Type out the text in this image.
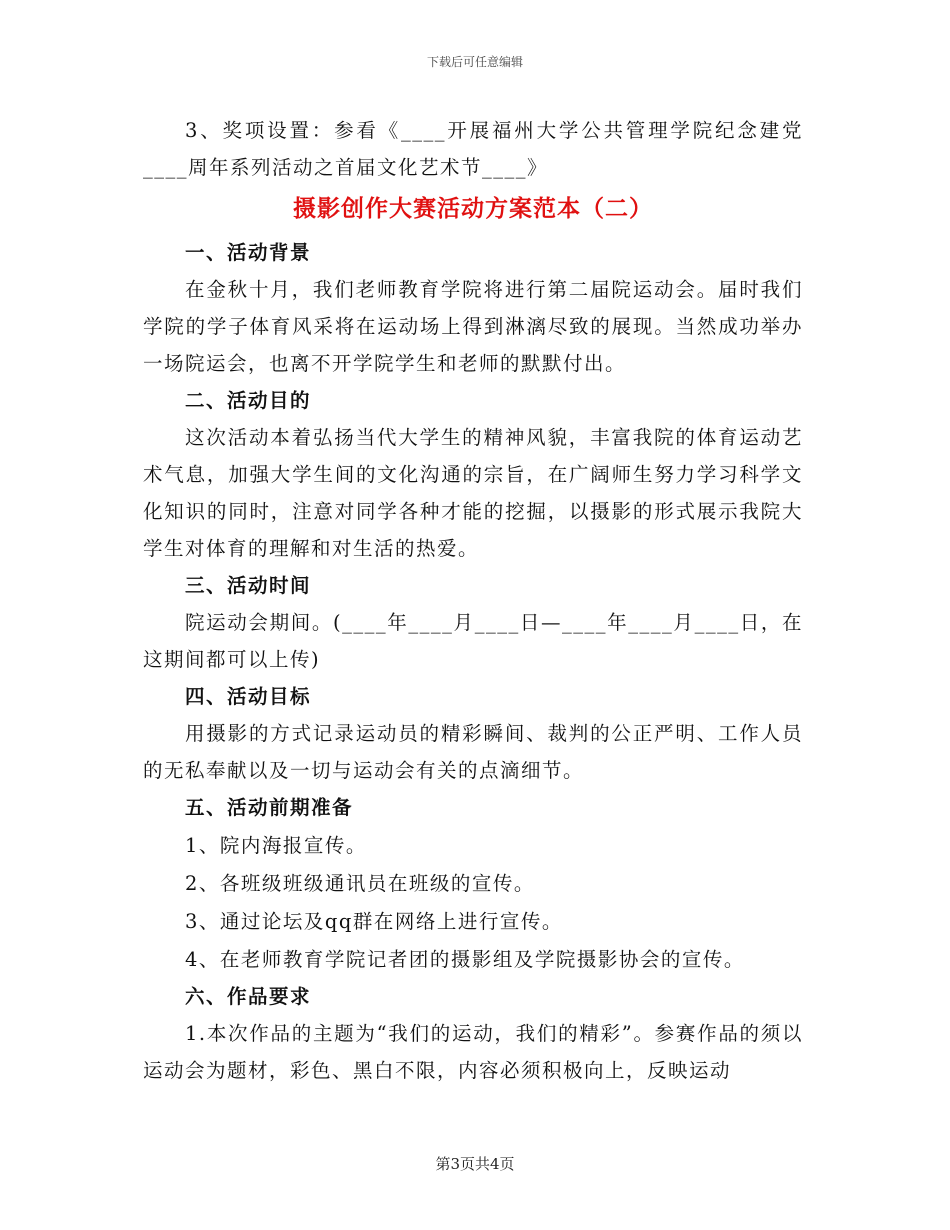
下载后可任意编辑

3、奖项设置：参看《____开展福州大学公共管理学院纪念建党____周年系列活动之首届文化艺术节____》

摄影创作大赛活动方案范本（二）
一、活动背景

在金秋十月，我们老师教育学院将进行第二届院运动会。届时我们学院的学子体育风采将在运动场上得到淋漓尽致的展现。当然成功举办一场院运会，也离不开学院学生和老师的默默付出。

二、活动目的

这次活动本着弘扬当代大学生的精神风貌，丰富我院的体育运动艺术气息，加强大学生间的文化沟通的宗旨，在广阔师生努力学习科学文化知识的同时，注意对同学各种才能的挖掘，以摄影的形式展示我院大学生对体育的理解和对生活的热爱。

三、活动时间

院运动会期间。(____年____月____日—____年____月____日，在这期间都可以上传)

四、活动目标

用摄影的方式记录运动员的精彩瞬间、裁判的公正严明、工作人员的无私奉献以及一切与运动会有关的点滴细节。

五、活动前期准备

1、院内海报宣传。

2、各班级班级通讯员在班级的宣传。

3、通过论坛及qq群在网络上进行宣传。

4、在老师教育学院记者团的摄影组及学院摄影协会的宣传。

六、作品要求

1.本次作品的主题为“我们的运动，我们的精彩”。参赛作品的须以运动会为题材，彩色、黑白不限，内容必须积极向上，反映运动

第3页共4页
